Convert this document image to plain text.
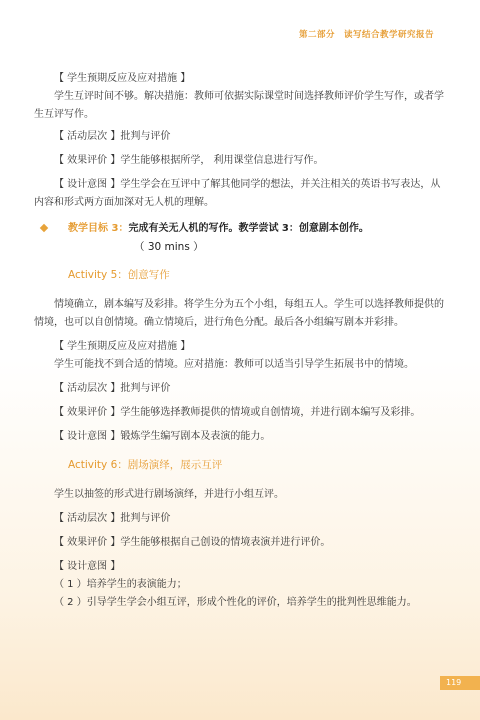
第二部分　读写结合教学研究报告

【 学生预期反应及应对措施 】

学生互评时间不够。解决措施：教师可依据实际课堂时间选择教师评价学生写作，或者学生互评写作。

【 活动层次 】批判与评价

【 效果评价 】学生能够根据所学， 利用课堂信息进行写作。

【 设计意图 】学生学会在互评中了解其他同学的想法，并关注相关的英语书写表达，从内容和形式两方面加深对无人机的理解。

教学目标 3：完成有关无人机的写作。教学尝试 3：创意剧本创作。
（ 30 mins ）
Activity 5：创意写作

情境确立，剧本编写及彩排。将学生分为五个小组，每组五人。学生可以选择教师提供的情境，也可以自创情境。确立情境后，进行角色分配。最后各小组编写剧本并彩排。

【 学生预期反应及应对措施 】

学生可能找不到合适的情境。应对措施：教师可以适当引导学生拓展书中的情境。

【 活动层次 】批判与评价

【 效果评价 】学生能够选择教师提供的情境或自创情境，并进行剧本编写及彩排。

【 设计意图 】锻炼学生编写剧本及表演的能力。

Activity 6：剧场演绎，展示互评

学生以抽签的形式进行剧场演绎，并进行小组互评。

【 活动层次 】批判与评价

【 效果评价 】学生能够根据自己创设的情境表演并进行评价。

【 设计意图 】

（ 1 ）培养学生的表演能力；

（ 2 ）引导学生学会小组互评，形成个性化的评价，培养学生的批判性思维能力。

119
